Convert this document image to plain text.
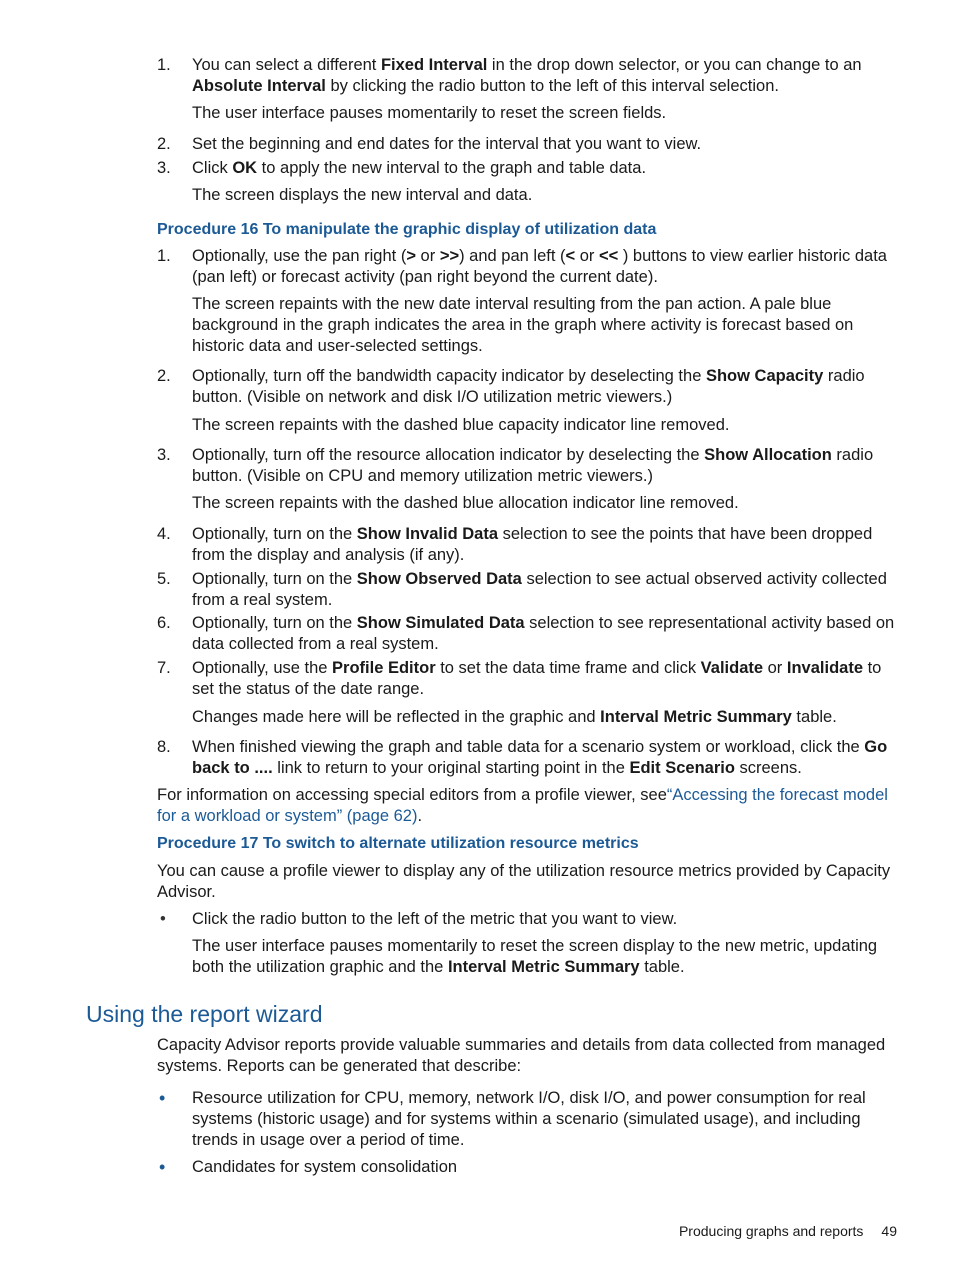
1.	You can select a different Fixed Interval in the drop down selector, or you can change to an Absolute Interval by clicking the radio button to the left of this interval selection.
The user interface pauses momentarily to reset the screen fields.
2.	Set the beginning and end dates for the interval that you want to view.
3.	Click OK to apply the new interval to the graph and table data.
The screen displays the new interval and data.
Procedure 16 To manipulate the graphic display of utilization data
1.	Optionally, use the pan right (> or >>) and pan left (< or << ) buttons to view earlier historic data (pan left) or forecast activity (pan right beyond the current date).
The screen repaints with the new date interval resulting from the pan action. A pale blue background in the graph indicates the area in the graph where activity is forecast based on historic data and user-selected settings.
2.	Optionally, turn off the bandwidth capacity indicator by deselecting the Show Capacity radio button. (Visible on network and disk I/O utilization metric viewers.)
The screen repaints with the dashed blue capacity indicator line removed.
3.	Optionally, turn off the resource allocation indicator by deselecting the Show Allocation radio button. (Visible on CPU and memory utilization metric viewers.)
The screen repaints with the dashed blue allocation indicator line removed.
4.	Optionally, turn on the Show Invalid Data selection to see the points that have been dropped from the display and analysis (if any).
5.	Optionally, turn on the Show Observed Data selection to see actual observed activity collected from a real system.
6.	Optionally, turn on the Show Simulated Data selection to see representational activity based on data collected from a real system.
7.	Optionally, use the Profile Editor to set the data time frame and click Validate or Invalidate to set the status of the date range.
Changes made here will be reflected in the graphic and Interval Metric Summary table.
8.	When finished viewing the graph and table data for a scenario system or workload, click the Go back to .... link to return to your original starting point in the Edit Scenario screens.
For information on accessing special editors from a profile viewer, see“Accessing the forecast model for a workload or system” (page 62).
Procedure 17 To switch to alternate utilization resource metrics
You can cause a profile viewer to display any of the utilization resource metrics provided by Capacity Advisor.
•	Click the radio button to the left of the metric that you want to view.
The user interface pauses momentarily to reset the screen display to the new metric, updating both the utilization graphic and the Interval Metric Summary table.
Using the report wizard
Capacity Advisor reports provide valuable summaries and details from data collected from managed systems. Reports can be generated that describe:
•	Resource utilization for CPU, memory, network I/O, disk I/O, and power consumption for real systems (historic usage) and for systems within a scenario (simulated usage), and including trends in usage over a period of time.
•	Candidates for system consolidation
Producing graphs and reports 49
